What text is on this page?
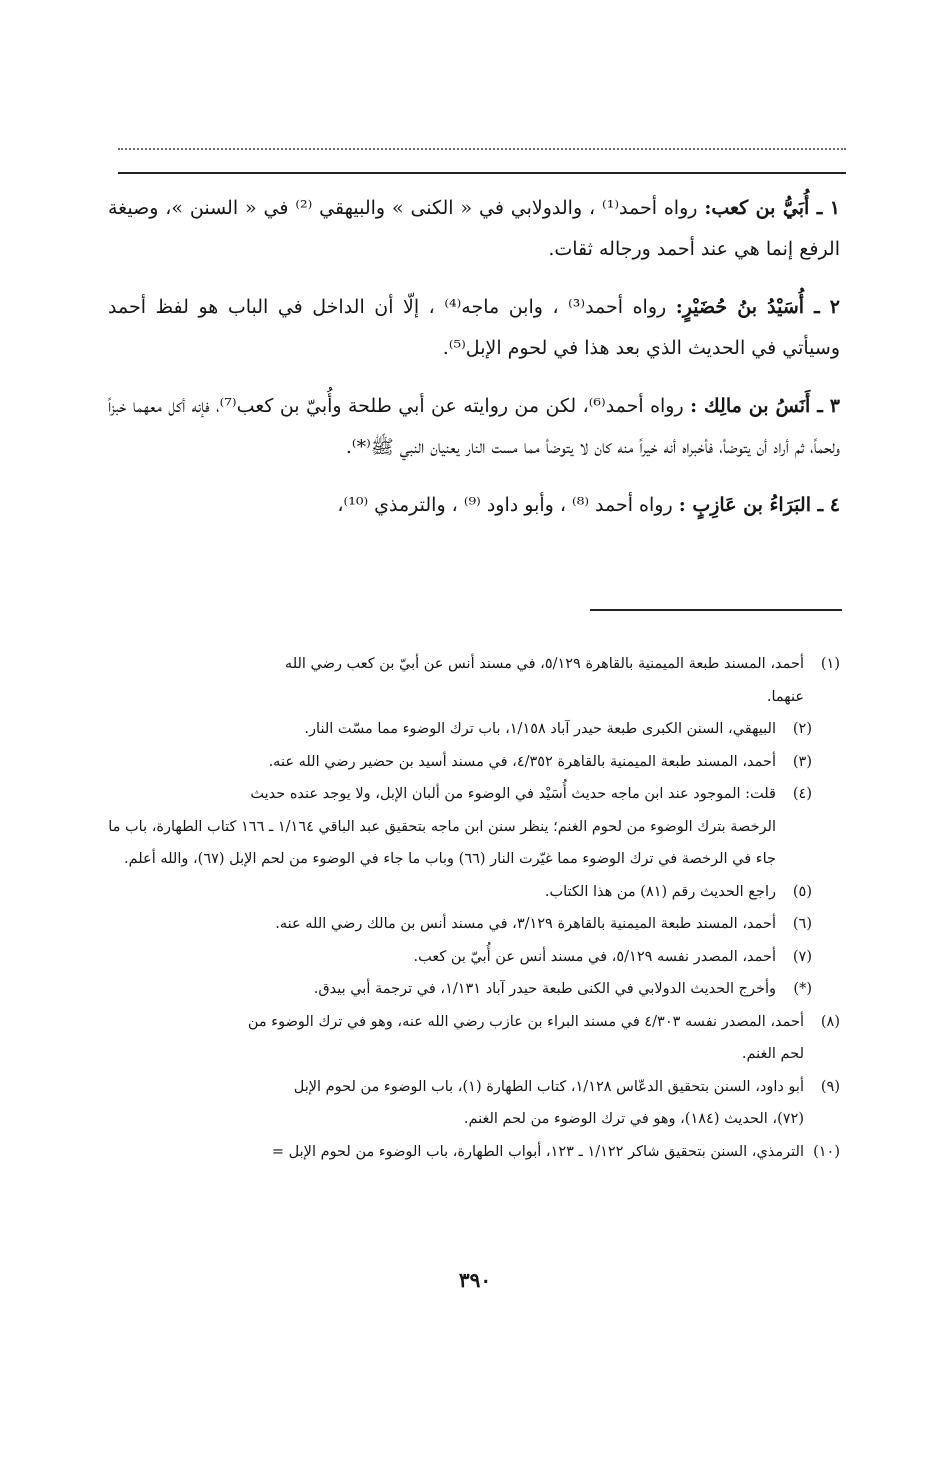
١ ـ أُبَيُّ بن كعب: رواه أحمد⁽¹⁾ ، والدولابي في « الكنى » والبيهقي ⁽²⁾ في « السنن »، وصيغة الرفع إنما هي عند أحمد ورجاله ثقات.

٢ ـ أُسَيْدُ بنُ حُضَيْرٍ: رواه أحمد⁽³⁾ ، وابن ماجه⁽⁴⁾ ، إلّا أن الداخل في الباب هو لفظ أحمد وسيأتي في الحديث الذي بعد هذا في لحوم الإبل⁽⁵⁾.

٣ ـ أَنَسُ بن مالِك : رواه أحمد⁽⁶⁾، لكن من روايته عن أبي طلحة وأُبيّ بن كعب⁽⁷⁾، فإنه أكل معهما خبزاً ولحماً، ثم أراد أن يتوضأ، فأخبراه أنه خيراً منه كان لا يتوضأ مما مست النار يعنيان النبي ﷺ⁽*⁾.

٤ ـ البَرَاءُ بن عَازِبٍ : رواه أحمد ⁽⁸⁾ ، وأبو داود ⁽⁹⁾ ، والترمذي ⁽¹⁰⁾،

(١)أحمد، المسند طبعة الميمنية بالقاهرة ٥/١٢٩، في مسند أنس عن أبيّ بن كعب رضي الله
عنهما.

(٢)البيهقي، السنن الكبرى طبعة حيدر آباد ١/١٥٨، باب ترك الوضوء مما مسّت النار.

(٣)أحمد، المسند طبعة الميمنية بالقاهرة ٤/٣٥٢، في مسند أسيد بن حضير رضي الله عنه.

(٤)قلت: الموجود عند ابن ماجه حديث أُسَيْد في الوضوء من ألبان الإبل، ولا يوجد عنده حديث
الرخصة بترك الوضوء من لحوم الغنم؛ ينظر سنن ابن ماجه بتحقيق عبد الباقي ١/١٦٤ ـ ١٦٦ كتاب الطهارة، باب ما جاء في الرخصة في ترك الوضوء مما غيّرت النار (٦٦) وباب ما جاء في الوضوء من لحم الإبل (٦٧)، والله أعلم.

(٥)راجع الحديث رقم (٨١) من هذا الكتاب.

(٦)أحمد، المسند طبعة الميمنية بالقاهرة ٣/١٢٩، في مسند أنس بن مالك رضي الله عنه.

(٧)أحمد، المصدر نفسه ٥/١٢٩، في مسند أنس عن أُبيّ بن كعب.

(*)وأخرج الحديث الدولابي في الكنى طبعة حيدر آباد ١/١٣١، في ترجمة أبي بيدق.

(٨)أحمد، المصدر نفسه ٤/٣٠٣ في مسند البراء بن عازب رضي الله عنه، وهو في ترك الوضوء من
لحم الغنم.

(٩)أبو داود، السنن بتحقيق الدعّاس ١/١٢٨، كتاب الطهارة (١)، باب الوضوء من لحوم الإبل
(٧٢)، الحديث (١٨٤)، وهو في ترك الوضوء من لحم الغنم.

(١٠)الترمذي، السنن بتحقيق شاكر ١/١٢٢ ـ ١٢٣، أبواب الطهارة، باب الوضوء من لحوم الإبل =

٣٩٠
